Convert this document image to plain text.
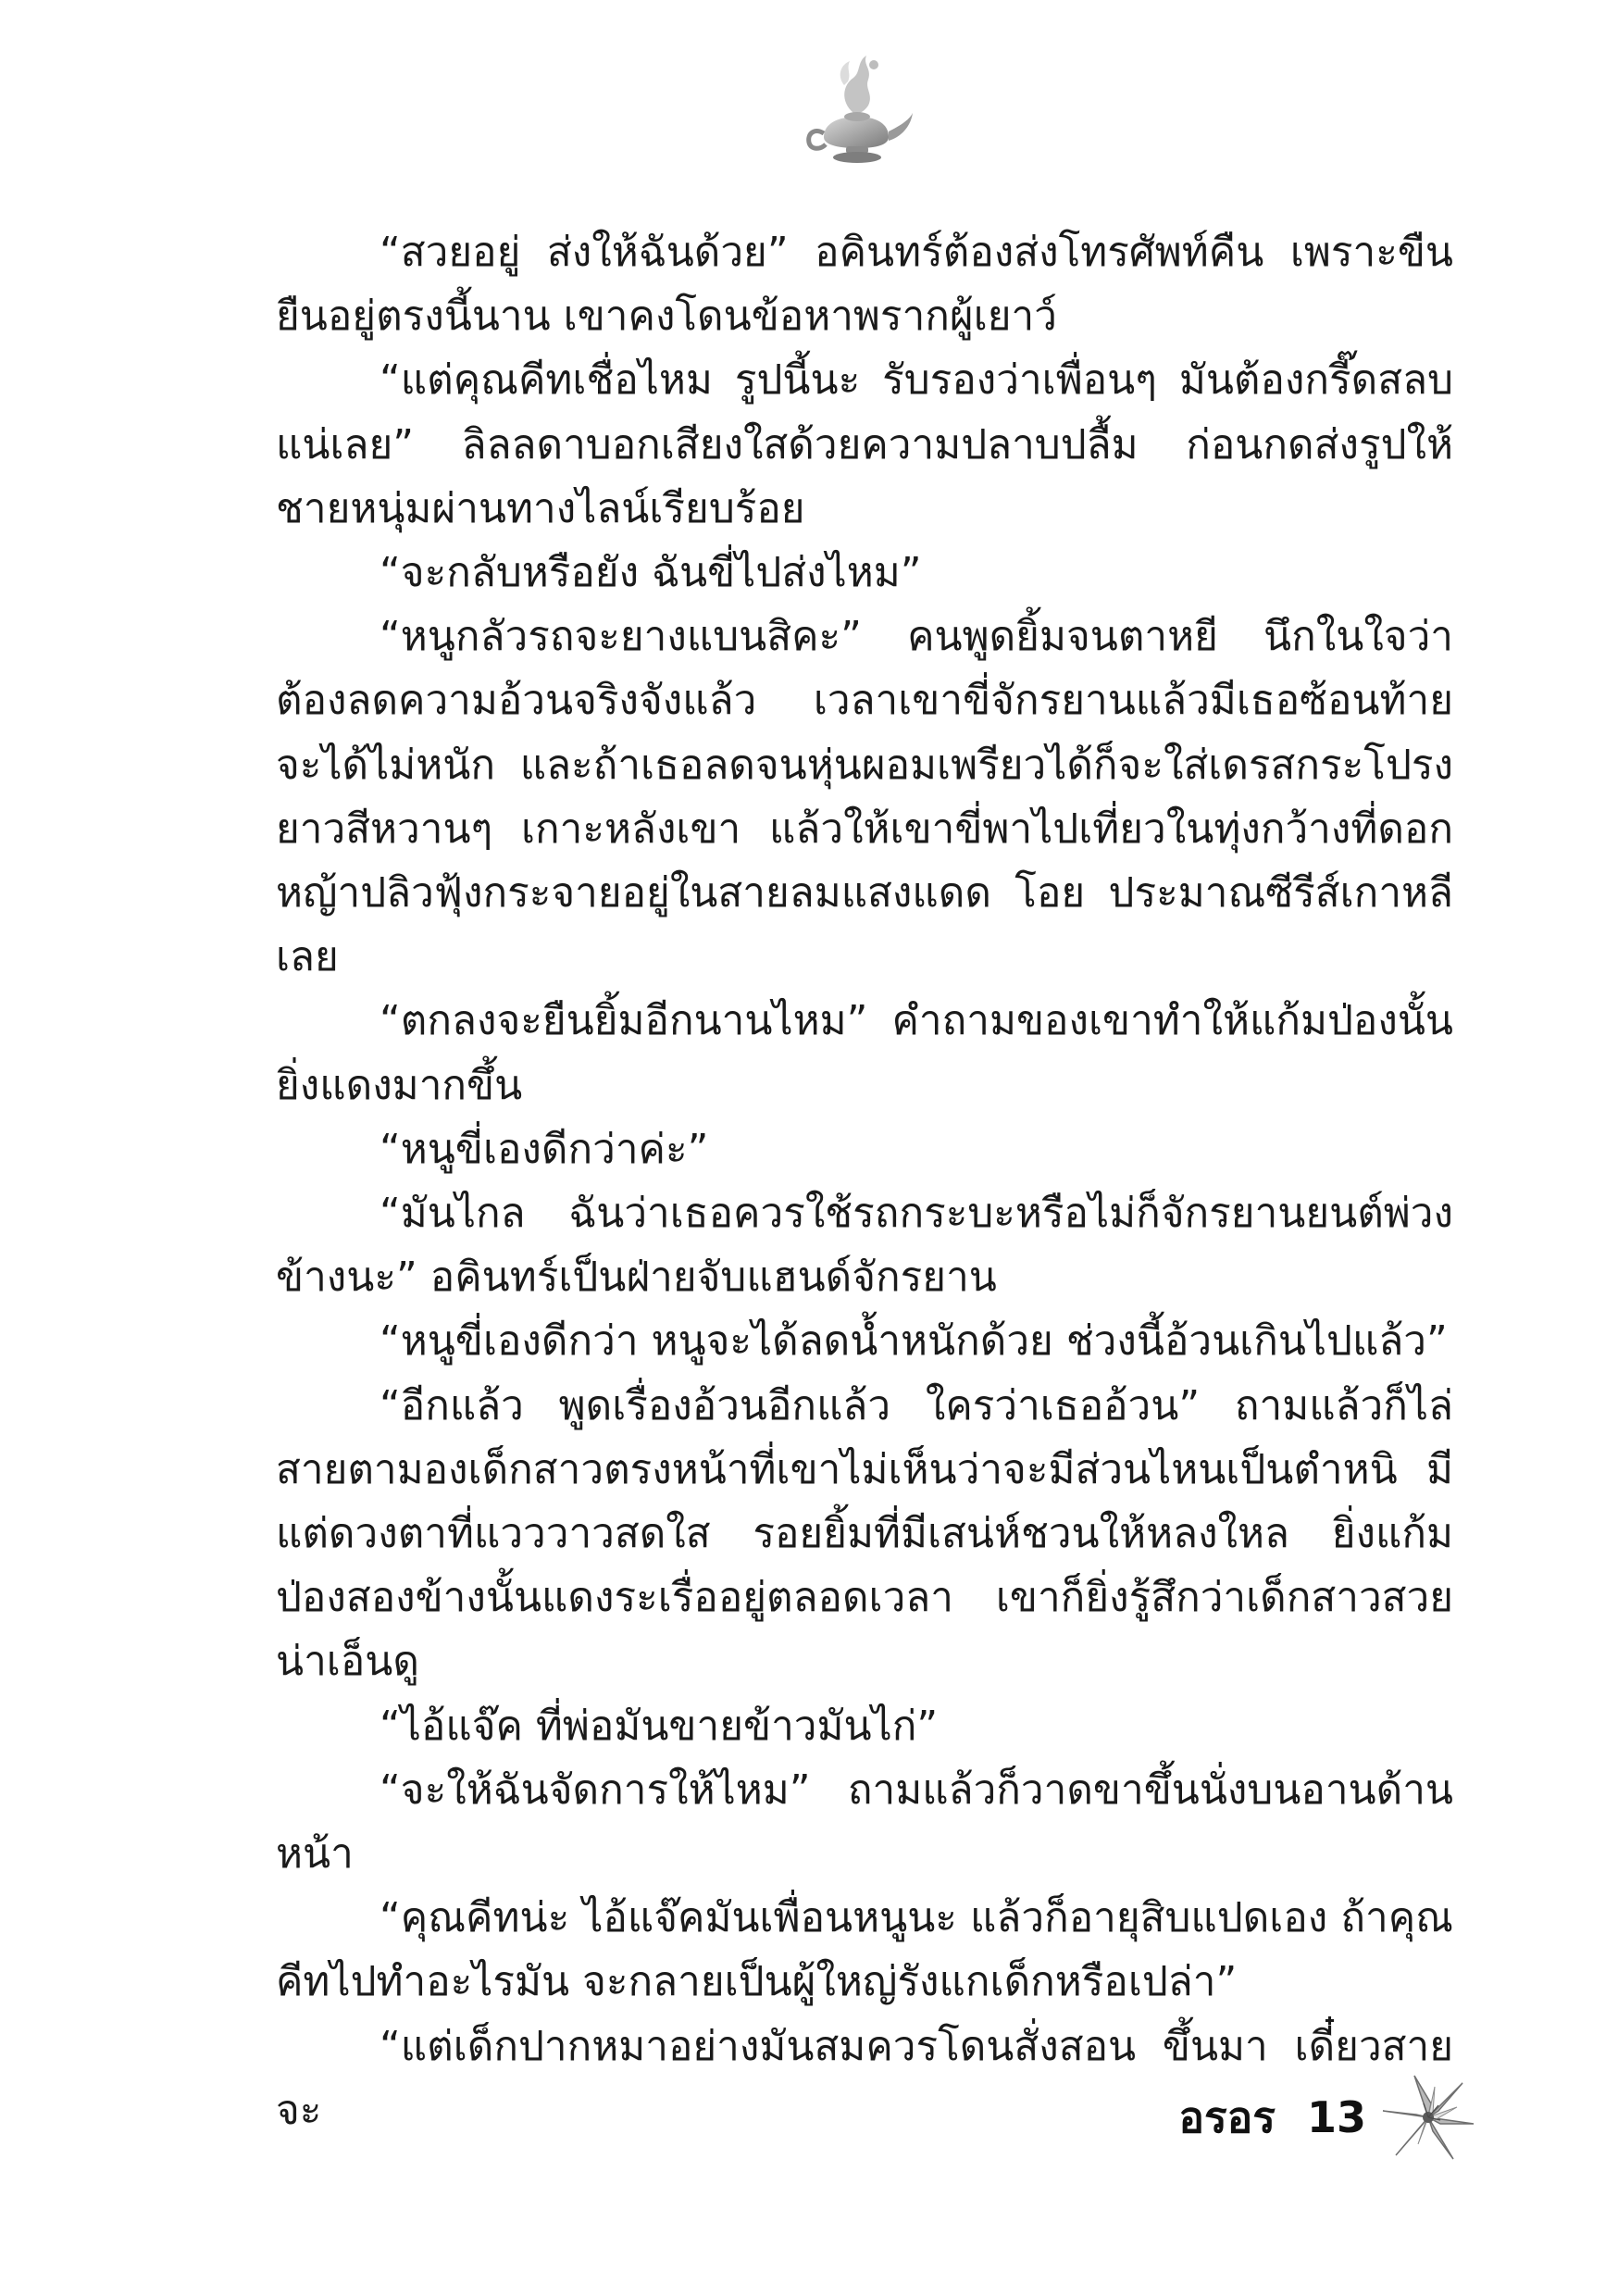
“สวยอยู่ ส่งให้ฉันด้วย” อคินทร์ต้องส่งโทรศัพท์คืน เพราะขืนยืนอยู่ตรงนี้นาน เขาคงโดนข้อหาพรากผู้เยาว์

“แต่คุณคีทเชื่อไหม รูปนี้นะ รับรองว่าเพื่อนๆ มันต้องกรี๊ดสลบแน่เลย” ลิลลดาบอกเสียงใสด้วยความปลาบปลื้ม ก่อนกดส่งรูปให้ชายหนุ่มผ่านทางไลน์เรียบร้อย

“จะกลับหรือยัง ฉันขี่ไปส่งไหม”

“หนูกลัวรถจะยางแบนสิคะ” คนพูดยิ้มจนตาหยี นึกในใจว่าต้องลดความอ้วนจริงจังแล้ว เวลาเขาขี่จักรยานแล้วมีเธอซ้อนท้ายจะได้ไม่หนัก และถ้าเธอลดจนหุ่นผอมเพรียวได้ก็จะใส่เดรสกระโปรงยาวสีหวานๆ เกาะหลังเขา แล้วให้เขาขี่พาไปเที่ยวในทุ่งกว้างที่ดอกหญ้าปลิวฟุ้งกระจายอยู่ในสายลมแสงแดด โอย ประมาณซีรีส์เกาหลีเลย

“ตกลงจะยืนยิ้มอีกนานไหม” คำถามของเขาทำให้แก้มป่องนั้นยิ่งแดงมากขึ้น

“หนูขี่เองดีกว่าค่ะ”

“มันไกล ฉันว่าเธอควรใช้รถกระบะหรือไม่ก็จักรยานยนต์พ่วงข้างนะ” อคินทร์เป็นฝ่ายจับแฮนด์จักรยาน

“หนูขี่เองดีกว่า หนูจะได้ลดน้ำหนักด้วย ช่วงนี้อ้วนเกินไปแล้ว”

“อีกแล้ว พูดเรื่องอ้วนอีกแล้ว ใครว่าเธออ้วน” ถามแล้วก็ไล่สายตามองเด็กสาวตรงหน้าที่เขาไม่เห็นว่าจะมีส่วนไหนเป็นตำหนิ มีแต่ดวงตาที่แวววาวสดใส รอยยิ้มที่มีเสน่ห์ชวนให้หลงใหล ยิ่งแก้มป่องสองข้างนั้นแดงระเรื่ออยู่ตลอดเวลา เขาก็ยิ่งรู้สึกว่าเด็กสาวสวยน่าเอ็นดู

“ไอ้แจ๊ค ที่พ่อมันขายข้าวมันไก่”

“จะให้ฉันจัดการให้ไหม” ถามแล้วก็วาดขาขึ้นนั่งบนอานด้านหน้า

“คุณคีทน่ะ ไอ้แจ๊คมันเพื่อนหนูนะ แล้วก็อายุสิบแปดเอง ถ้าคุณคีทไปทำอะไรมัน จะกลายเป็นผู้ใหญ่รังแกเด็กหรือเปล่า”

“แต่เด็กปากหมาอย่างมันสมควรโดนสั่งสอน ขึ้นมา เดี๋ยวสายจะ	อรอร 13
